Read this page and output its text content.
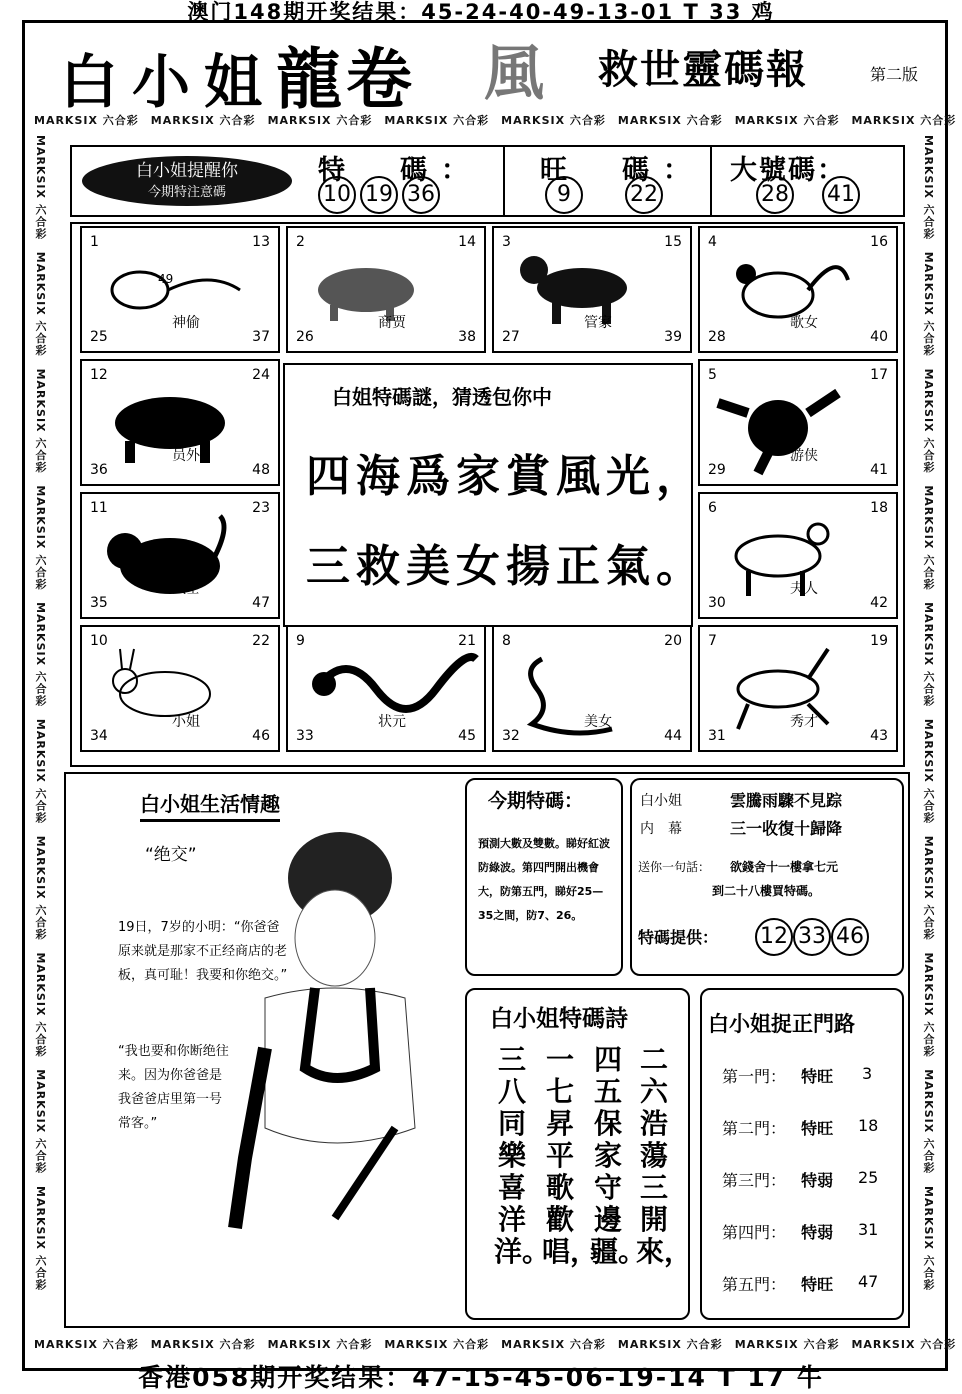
澳门148期开奖结果：45-24-40-49-13-01 T 33 鸡
白小姐龍卷 風 救世靈碼報	第二版
MARKSIX 六合彩　 MARKSIX 六合彩　 MARKSIX 六合彩　 MARKSIX 六合彩　 MARKSIX 六合彩　 MARKSIX 六合彩　 MARKSIX 六合彩　 MARKSIX 六合彩
MARKSIX 六合彩　 MARKSIX 六合彩　 MARKSIX 六合彩　 MARKSIX 六合彩　 MARKSIX 六合彩　 MARKSIX 六合彩　 MARKSIX 六合彩　 MARKSIX 六合彩
MARKSIX 六合彩　MARKSIX 六合彩　MARKSIX 六合彩　MARKSIX 六合彩　MARKSIX 六合彩　MARKSIX 六合彩　MARKSIX 六合彩　MARKSIX 六合彩　MARKSIX 六合彩　MARKSIX 六合彩
MARKSIX 六合彩　MARKSIX 六合彩　MARKSIX 六合彩　MARKSIX 六合彩　MARKSIX 六合彩　MARKSIX 六合彩　MARKSIX 六合彩　MARKSIX 六合彩　MARKSIX 六合彩　MARKSIX 六合彩
白小姐提醒你
今期特注意碼
特　碼：
10 19 36
旺　碼：
9	22
大號碼：
28 41
1	13
25	37
神偷
49
2	14
26	38
商贾
3	15
27	39
管家
4	16
28	40
歌女
12	24
36	48
员外
5	17
29	41
游侠
11	23
35	47
武士
6	18
30	42
夫人
10	22
34	46
小姐
9	21
33	45
状元
8	20
32	44
美女
7	19
31	43
秀才
白姐特碼謎，猜透包你中
四海爲家賞風光，
三救美女揚正氣。
白小姐生活情趣
“绝交”
19日，7岁的小明：“你爸爸原来就是那家不正经商店的老板，真可耻！我要和你绝交。”
“我也要和你断绝往来。因为你爸爸是我爸爸店里第一号常客。”
今期特碼：
預測大數及雙數。睇好紅波防綠波。第四門開出機會大，防第五門，睇好25—35之間，防7、26。
白小姐
内　幕
雲騰雨驟不見踪
三一收復十歸降
送你一句話： 欲錢舍十一樓拿七元
到二十八樓買特碼。
特碼提供： 12 33 46
白小姐特碼詩
二六浩蕩三開來，
四五保家守邊疆。
一七昇平歌歡唱，
三八同樂喜洋洋。
白小姐捉正門路
第一門： 特旺 3
第二門： 特旺 18
第三門： 特弱 25
第四門： 特弱 31
第五門： 特旺 47
香港058期开奖结果：47-15-45-06-19-14 T 17 牛
